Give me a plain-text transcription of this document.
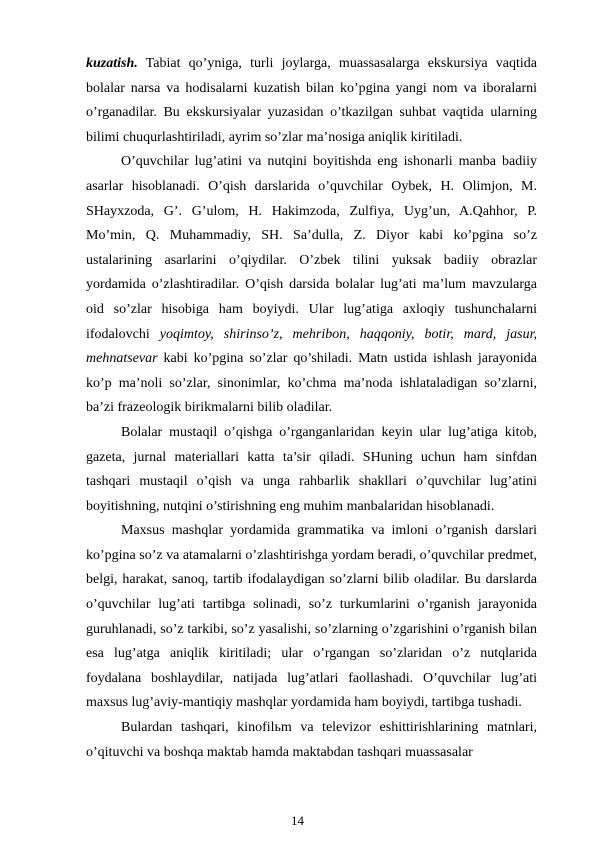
kuzatish. Tabiat qo’yniga, turli joylarga, muassasalarga ekskursiya vaqtida bolalar narsa va hodisalarni kuzatish bilan ko’pgina yangi nom va iboralarni o’rganadilar. Bu ekskursiyalar yuzasidan o’tkazilgan suhbat vaqtida ularning bilimi chuqurlashtiriladi, ayrim so’zlar ma’nosiga aniqlik kiritiladi.

O’quvchilar lug’atini va nutqini boyitishda eng ishonarli manba badiiy asarlar hisoblanadi. O’qish darslarida o’quvchilar Oybek, H. Olimjon, M. SHayxzoda, G’. G’ulom, H. Hakimzoda, Zulfiya, Uyg’un, A.Qahhor, P. Mo’min, Q. Muhammadiy, SH. Sa’dulla, Z. Diyor kabi ko’pgina so’z ustalarining asarlarini o’qiydilar. O’zbek tilini yuksak badiiy obrazlar yordamida o’zlashtiradilar. O’qish darsida bolalar lug’ati ma’lum mavzularga oid so’zlar hisobiga ham boyiydi. Ular lug’atiga axloqiy tushunchalarni ifodalovchi yoqimtoy, shirinso’z, mehribon, haqqoniy, botir, mard, jasur, mehnatsevar kabi ko’pgina so’zlar qo’shiladi. Matn ustida ishlash jarayonida ko’p ma’noli so’zlar, sinonimlar, ko’chma ma’noda ishlataladigan so’zlarni, ba’zi frazeologik birikmalarni bilib oladilar.

Bolalar mustaqil o’qishga o’rganganlaridan keyin ular lug’atiga kitob, gazeta, jurnal materiallari katta ta’sir qiladi. SHuning uchun ham sinfdan tashqari mustaqil o’qish va unga rahbarlik shakllari o’quvchilar lug’atini boyitishning, nutqini o’stirishning eng muhim manbalaridan hisoblanadi.

Maxsus mashqlar yordamida grammatika va imloni o’rganish darslari ko’pgina so’z va atamalarni o’zlashtirishga yordam beradi, o’quvchilar predmet, belgi, harakat, sanoq, tartib ifodalaydigan so’zlarni bilib oladilar. Bu darslarda o’quvchilar lug’ati tartibga solinadi, so’z turkumlarini o’rganish jarayonida guruhlanadi, so’z tarkibi, so’z yasalishi, so’zlarning o’zgarishini o’rganish bilan esa lug’atga aniqlik kiritiladi; ular o’rgangan so’zlaridan o’z nutqlarida foydalana boshlaydilar, natijada lug’atlari faollashadi. O’quvchilar lug’ati maxsus lug’aviy-mantiqiy mashqlar yordamida ham boyiydi, tartibga tushadi.

Bulardan tashqari, kinofilьm va televizor eshittirishlarining matnlari, o’qituvchi va boshqa maktab hamda maktabdan tashqari muassasalar

14
